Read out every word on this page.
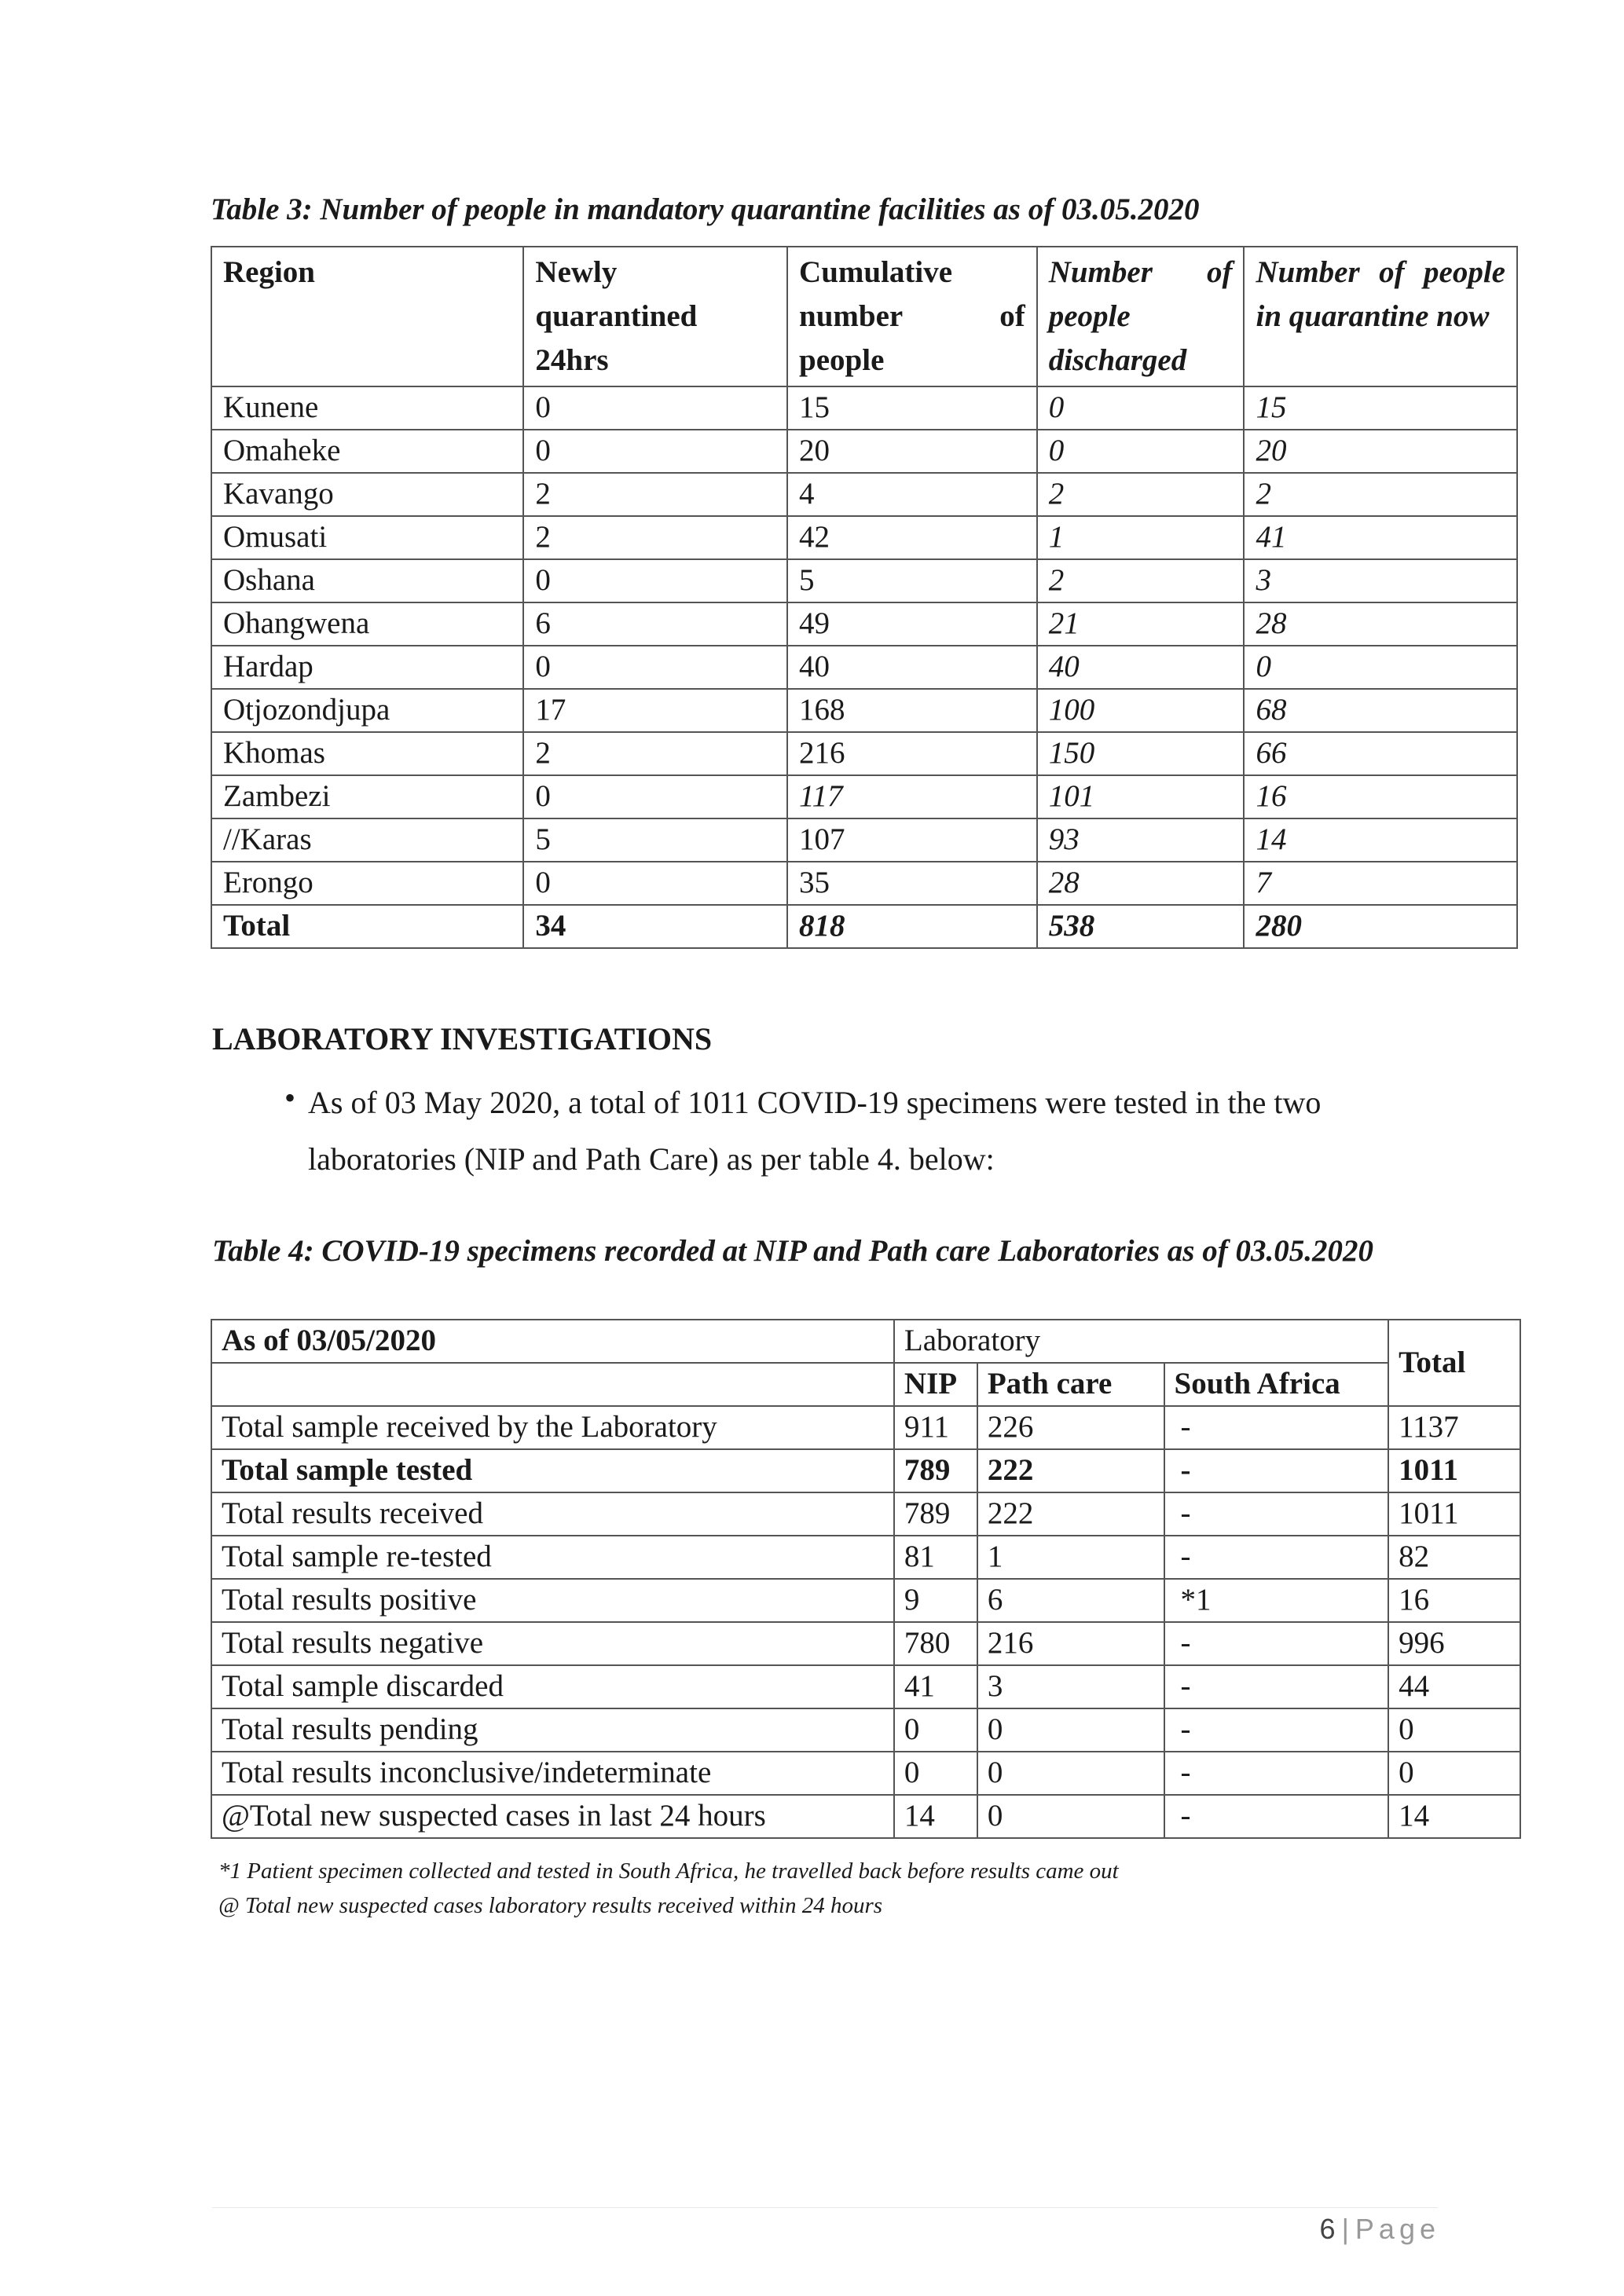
Table 3: Number of people in mandatory quarantine facilities as of 03.05.2020

Region	Newly quarantined 24hrs	Cumulative number of people	Number of people discharged	Number of people in quarantine now
Kunene	0	15	0	15
Omaheke	0	20	0	20
Kavango	2	4	2	2
Omusati	2	42	1	41
Oshana	0	5	2	3
Ohangwena	6	49	21	28
Hardap	0	40	40	0
Otjozondjupa	17	168	100	68
Khomas	2	216	150	66
Zambezi	0	117	101	16
//Karas	5	107	93	14
Erongo	0	35	28	7
Total	34	818	538	280
LABORATORY INVESTIGATIONS
• As of 03 May 2020, a total of 1011 COVID-19 specimens were tested in the two laboratories (NIP and Path Care) as per table 4. below:

Table 4: COVID-19 specimens recorded at NIP and Path care Laboratories as of 03.05.2020

As of 03/05/2020	Laboratory			Total
	NIP	Path care	South Africa	
Total sample received by the Laboratory	911	226	-	1137
Total sample tested	789	222	-	1011
Total results received	789	222	-	1011
Total sample re-tested	81	1	-	82
Total results positive	9	6	*1	16
Total results negative	780	216	-	996
Total sample discarded	41	3	-	44
Total results pending	0	0	-	0
Total results inconclusive/indeterminate	0	0	-	0
@Total new suspected cases in last 24 hours	14	0	-	14

*1 Patient specimen collected and tested in South Africa, he travelled back before results came out

@ Total new suspected cases laboratory results received within 24 hours

6 | Page
